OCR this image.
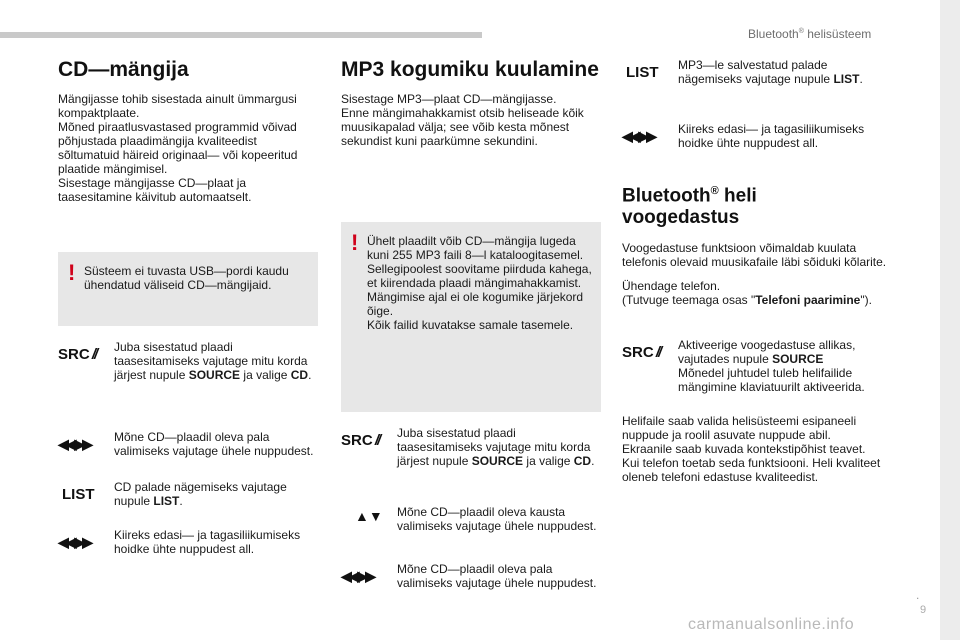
Bluetooth® helisüsteem
CD—mängija

Mängijasse tohib sisestada ainult ümmargusi kompaktplaate.
Mõned piraatlusvastased programmid võivad põhjustada plaadimängija kvaliteedist sõltumatuid häireid originaal— või kopeeritud plaatide mängimisel.
Sisestage mängijasse CD—plaat ja taasesitamine käivitub automaatselt.

! Süsteem ei tuvasta USB—pordi kaudu ühendatud väliseid CD—mängijaid.
SRC // Juba sisestatud plaadi taasesitamiseks vajutage mitu korda järjest nupule SOURCE ja valige CD.

◀◀ ▶▶ Mõne CD—plaadil oleva pala valimiseks vajutage ühele nuppudest.

LIST CD palade nägemiseks vajutage nupule LIST.

◀◀ ▶▶ Kiireks edasi— ja tagasiliikumiseks hoidke ühte nuppudest all.

MP3 kogumiku kuulamine

Sisestage MP3—plaat CD—mängijasse.
Enne mängimahakkamist otsib heliseade kõik muusikapalad välja; see võib kesta mõnest sekundist kuni paarkümne sekundini.

! Ühelt plaadilt võib CD—mängija lugeda kuni 255 MP3 faili 8—l kataloogitasemel. Sellegipoolest soovitame piirduda kahega, et kiirendada plaadi mängimahakkamist.
Mängimise ajal ei ole kogumike järjekord õige.
Kõik failid kuvatakse samale tasemele.
SRC // Juba sisestatud plaadi taasesitamiseks vajutage mitu korda järjest nupule SOURCE ja valige CD.

▲▼ Mõne CD—plaadil oleva kausta valimiseks vajutage ühele nuppudest.

◀◀ ▶▶ Mõne CD—plaadil oleva pala valimiseks vajutage ühele nuppudest.

LIST MP3—le salvestatud palade nägemiseks vajutage nupule LIST.

◀◀ ▶▶ Kiireks edasi— ja tagasiliikumiseks hoidke ühte nuppudest all.

Bluetooth® heli
voogedastus

Voogedastuse funktsioon võimaldab kuulata telefonis olevaid muusikafaile läbi sõiduki kõlarite.

Ühendage telefon.

(Tutvuge teemaga osas "Telefoni paarimine").

SRC // Aktiveerige voogedastuse allikas, vajutades nupule SOURCE
Mõnedel juhtudel tuleb helifailide mängimine klaviatuurilt aktiveerida.

Helifaile saab valida helisüsteemi esipaneeli nuppude ja roolil asuvate nuppude abil.
Ekraanile saab kuvada kontekstipõhist teavet.
Kui telefon toetab seda funktsiooni. Heli kvaliteet oleneb telefoni edastuse kvaliteedist.

.
9
carmanualsonline.info
